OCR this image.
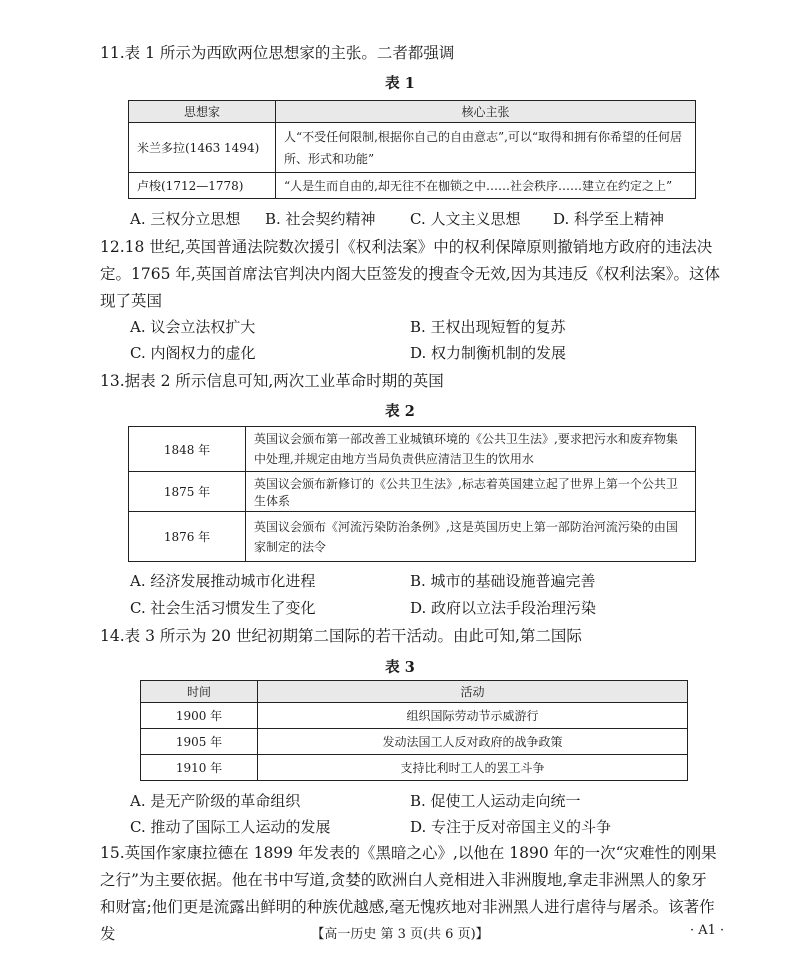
11.表 1 所示为西欧两位思想家的主张。二者都强调
表 1
思想家	核心主张
米兰多拉(1463 1494)	人“不受任何限制,根据你自己的自由意志”,可以“取得和拥有你希望的任何居所、形式和功能”
卢梭(1712—1778)	“人是生而自由的,却无往不在枷锁之中……社会秩序……建立在约定之上”
A. 三权分立思想 B. 社会契约精神 C. 人文主义思想 D. 科学至上精神
12.18 世纪,英国普通法院数次援引《权利法案》中的权利保障原则撤销地方政府的违法决定。1765 年,英国首席法官判决内阁大臣签发的搜查令无效,因为其违反《权利法案》。这体现了英国
A. 议会立法权扩大	B. 王权出现短暂的复苏
C. 内阁权力的虚化	D. 权力制衡机制的发展
13.据表 2 所示信息可知,两次工业革命时期的英国
表 2
1848 年	英国议会颁布第一部改善工业城镇环境的《公共卫生法》,要求把污水和废弃物集中处理,并规定由地方当局负责供应清洁卫生的饮用水
1875 年	英国议会颁布新修订的《公共卫生法》,标志着英国建立起了世界上第一个公共卫生体系
1876 年	英国议会颁布《河流污染防治条例》,这是英国历史上第一部防治河流污染的由国家制定的法令
A. 经济发展推动城市化进程	B. 城市的基础设施普遍完善
C. 社会生活习惯发生了变化	D. 政府以立法手段治理污染
14.表 3 所示为 20 世纪初期第二国际的若干活动。由此可知,第二国际
表 3
时间	活动
1900 年	组织国际劳动节示威游行
1905 年	发动法国工人反对政府的战争政策
1910 年	支持比利时工人的罢工斗争
A. 是无产阶级的革命组织	B. 促使工人运动走向统一
C. 推动了国际工人运动的发展	D. 专注于反对帝国主义的斗争
15.英国作家康拉德在 1899 年发表的《黑暗之心》,以他在 1890 年的一次“灾难性的刚果之行”为主要依据。他在书中写道,贪婪的欧洲白人竞相进入非洲腹地,拿走非洲黑人的象牙和财富;他们更是流露出鲜明的种族优越感,毫无愧疚地对非洲黑人进行虐待与屠杀。该著作发	【高一历史 第 3 页(共 6 页)】	· A1 ·
